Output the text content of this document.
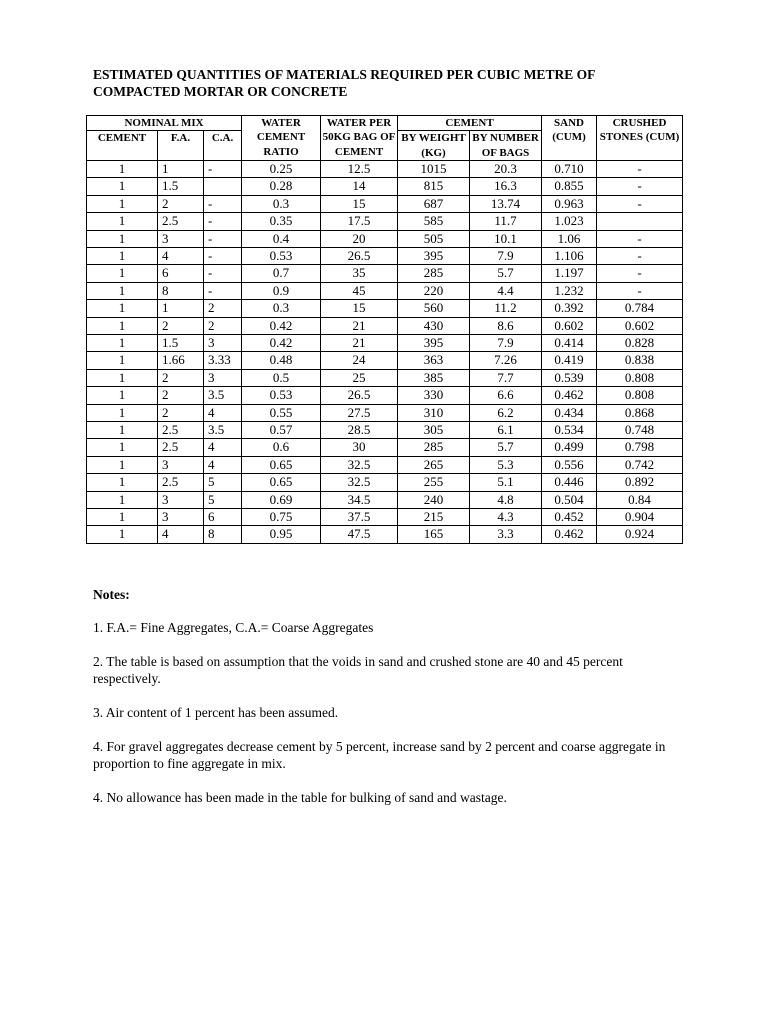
ESTIMATED QUANTITIES OF MATERIALS REQUIRED PER CUBIC METRE OF
COMPACTED MORTAR OR CONCRETE
NOMINAL MIX			WATER CEMENT RATIO	WATER PER 50KG BAG OF CEMENT	CEMENT		SAND (CUM)	CRUSHED STONES (CUM)
CEMENT	F.A.	C.A.			BY WEIGHT (KG)	BY NUMBER OF BAGS		
1	1	-	0.25	12.5	1015	20.3	0.710	-
1	1.5		0.28	14	815	16.3	0.855	-
1	2	-	0.3	15	687	13.74	0.963	-
1	2.5	-	0.35	17.5	585	11.7	1.023	
1	3	-	0.4	20	505	10.1	1.06	-
1	4	-	0.53	26.5	395	7.9	1.106	-
1	6	-	0.7	35	285	5.7	1.197	-
1	8	-	0.9	45	220	4.4	1.232	-
1	1	2	0.3	15	560	11.2	0.392	0.784
1	2	2	0.42	21	430	8.6	0.602	0.602
1	1.5	3	0.42	21	395	7.9	0.414	0.828
1	1.66	3.33	0.48	24	363	7.26	0.419	0.838
1	2	3	0.5	25	385	7.7	0.539	0.808
1	2	3.5	0.53	26.5	330	6.6	0.462	0.808
1	2	4	0.55	27.5	310	6.2	0.434	0.868
1	2.5	3.5	0.57	28.5	305	6.1	0.534	0.748
1	2.5	4	0.6	30	285	5.7	0.499	0.798
1	3	4	0.65	32.5	265	5.3	0.556	0.742
1	2.5	5	0.65	32.5	255	5.1	0.446	0.892
1	3	5	0.69	34.5	240	4.8	0.504	0.84
1	3	6	0.75	37.5	215	4.3	0.452	0.904
1	4	8	0.95	47.5	165	3.3	0.462	0.924

Notes:

1. F.A.= Fine Aggregates, C.A.= Coarse Aggregates

2. The table is based on assumption that the voids in sand and crushed stone are 40 and 45 percent respectively.

3. Air content of 1 percent has been assumed.

4. For gravel aggregates decrease cement by 5 percent, increase sand by 2 percent and coarse aggregate in proportion to fine aggregate in mix.

4. No allowance has been made in the table for bulking of sand and wastage.
